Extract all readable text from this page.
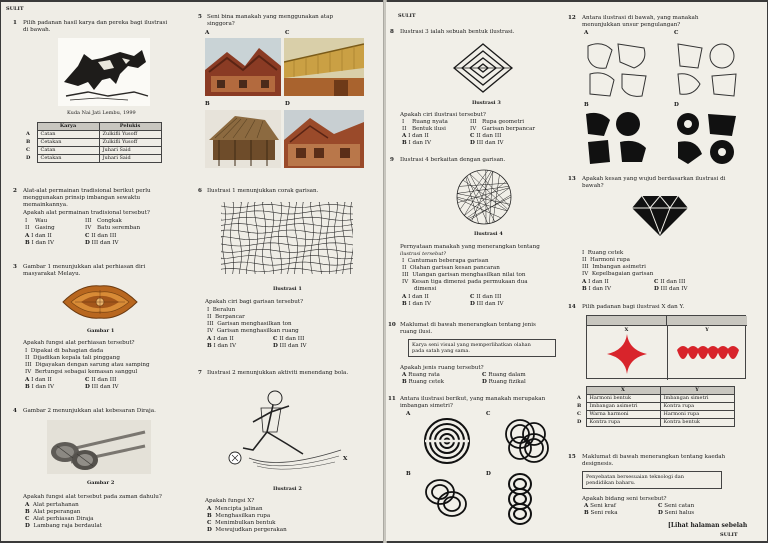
SULIT
1 Pilih padanan hasil karya dan pereka bagi ilustrasi
di bawah.
Kuda Nai Jati Lembu, 1999
	Karya	Pelukis
A	Catan	Zulkifli Yusoff
B	Cetakan	Zulkifli Yusoff
C	Catan	Juhari Said
D	Cetakan	Juhari Said
2 Alat-alat permainan tradisional berikut perlu
menggunakan prinsip imbangan sewaktu
memainkannya.
Apakah alat permainan tradisional tersebut?
I Wau	III Congkak
II Gasing	IV Batu seremban
A I dan II	C II dan III
B I dan IV	D III dan IV
3 Gambar 1 menunjukkan alat perhiasan diri
masyarakat Melayu.
Gambar 1
Apakah fungsi alat perhiasan tersebut?
I Dipakai di bahagian dada
II Dijadikan kepala tali pinggang
III Digayakan dengan sarung atau samping
IV Bertungsi sebagai kemasan sanggul
A I dan II	C II dan III
B I dan IV	D III dan IV
4 Gambar 2 menunjukkan alat kebesaran Diraja.
Gambar 2
Apakah fungsi alat tersebut pada zaman dahulu?
A Alat pertahanan
B Alat peperangan
C Alat perhiasan Diraja
D Lambang raja berdaulat
5 Seni bina manakah yang menggunakan atap
singgora?
A	C
B	D
6 Ilustrasi 1 menunjukkan corak garisan.
Ilustrasi 1
Apakah ciri bagi garisan tersebut?
I Beralun
II Berpancar
III Garisan menghasilkan ton
IV Garisan menghasilkan ruang
A I dan II	C II dan III
B I dan IV	D III dan IV
7 Ilustrasi 2 menunjukkan aktiviti menendang bola.
X
Ilustrasi 2
Apakah fungsi X?
A Mencipta jalinan
B Menghasilkan rupa
C Menimbulkan bentuk
D Mewujudkan pergerakan
SULIT
8 Ilustrasi 3 ialah sebuah bentuk ilustrasi.
Ilustrasi 3
Apakah ciri ilustrasi tersebut?
I Ruang nyata	III Rupa geometri
II Bentuk ilusi	IV Garisan berpancar
A I dan II	C II dan III
B I dan IV	D III dan IV
9 Ilustrasi 4 berkaitan dengan garisan.
Ilustrasi 4
Pernyataan manakah yang menerangkan tentang
ilustrasi tersebut?
I Cantuman beberapa garisan
II Olahan garisan kesan pancaran
III Ulangan garisan menghasilkan nilai ton
IV Kesan tiga dimensi pada permukaan dua
dimensi
A I dan II	C II dan III
B I dan IV	D III dan IV
10 Maklumat di bawah menerangkan tentang jenis
ruang ilusi.
Karya seni visual yang memperlihatkan olahan
pada satah yang sama.
Apakah jenis ruang tersebut?
A Ruang rata	C Ruang dalam
B Ruang cetek	D Ruang fizikal
11 Antara ilustrasi berikut, yang manakah merupakan
imbangan simetri?
A	C
B	D
12 Antara ilustrasi di bawah, yang manakah
menunjukkan unsur pengulangan?
A	C
B	D
13 Apakah kesan yang wujud berdasarkan ilustrasi di
bawah?
I Ruang cetek
II Harmoni rupa
III Imbangan asimetri
IV Kepelbagaian garisan
A I dan II	C II dan III
B I dan IV	D III dan IV
14 Pilih padanan bagi ilustrasi X dan Y.
X	Y
	X	Y
A	Harmoni bentuk	Imbangan simetri
B	Imbangan asimetri	Kontra rupa
C	Warna harmoni	Harmoni rupa
D	Kontra rupa	Kontra bentuk
15 Maklumat di bawah menerangkan tentang kaedah
designesis.
Penyebatan bersesuaian teknologi dan
pendidikan baharu.
Apakah bidang seni tersebut?
A Seni kraf	C Seni catan
B Seni reka	D Seni halus
[Lihat halaman sebelah
SULIT
